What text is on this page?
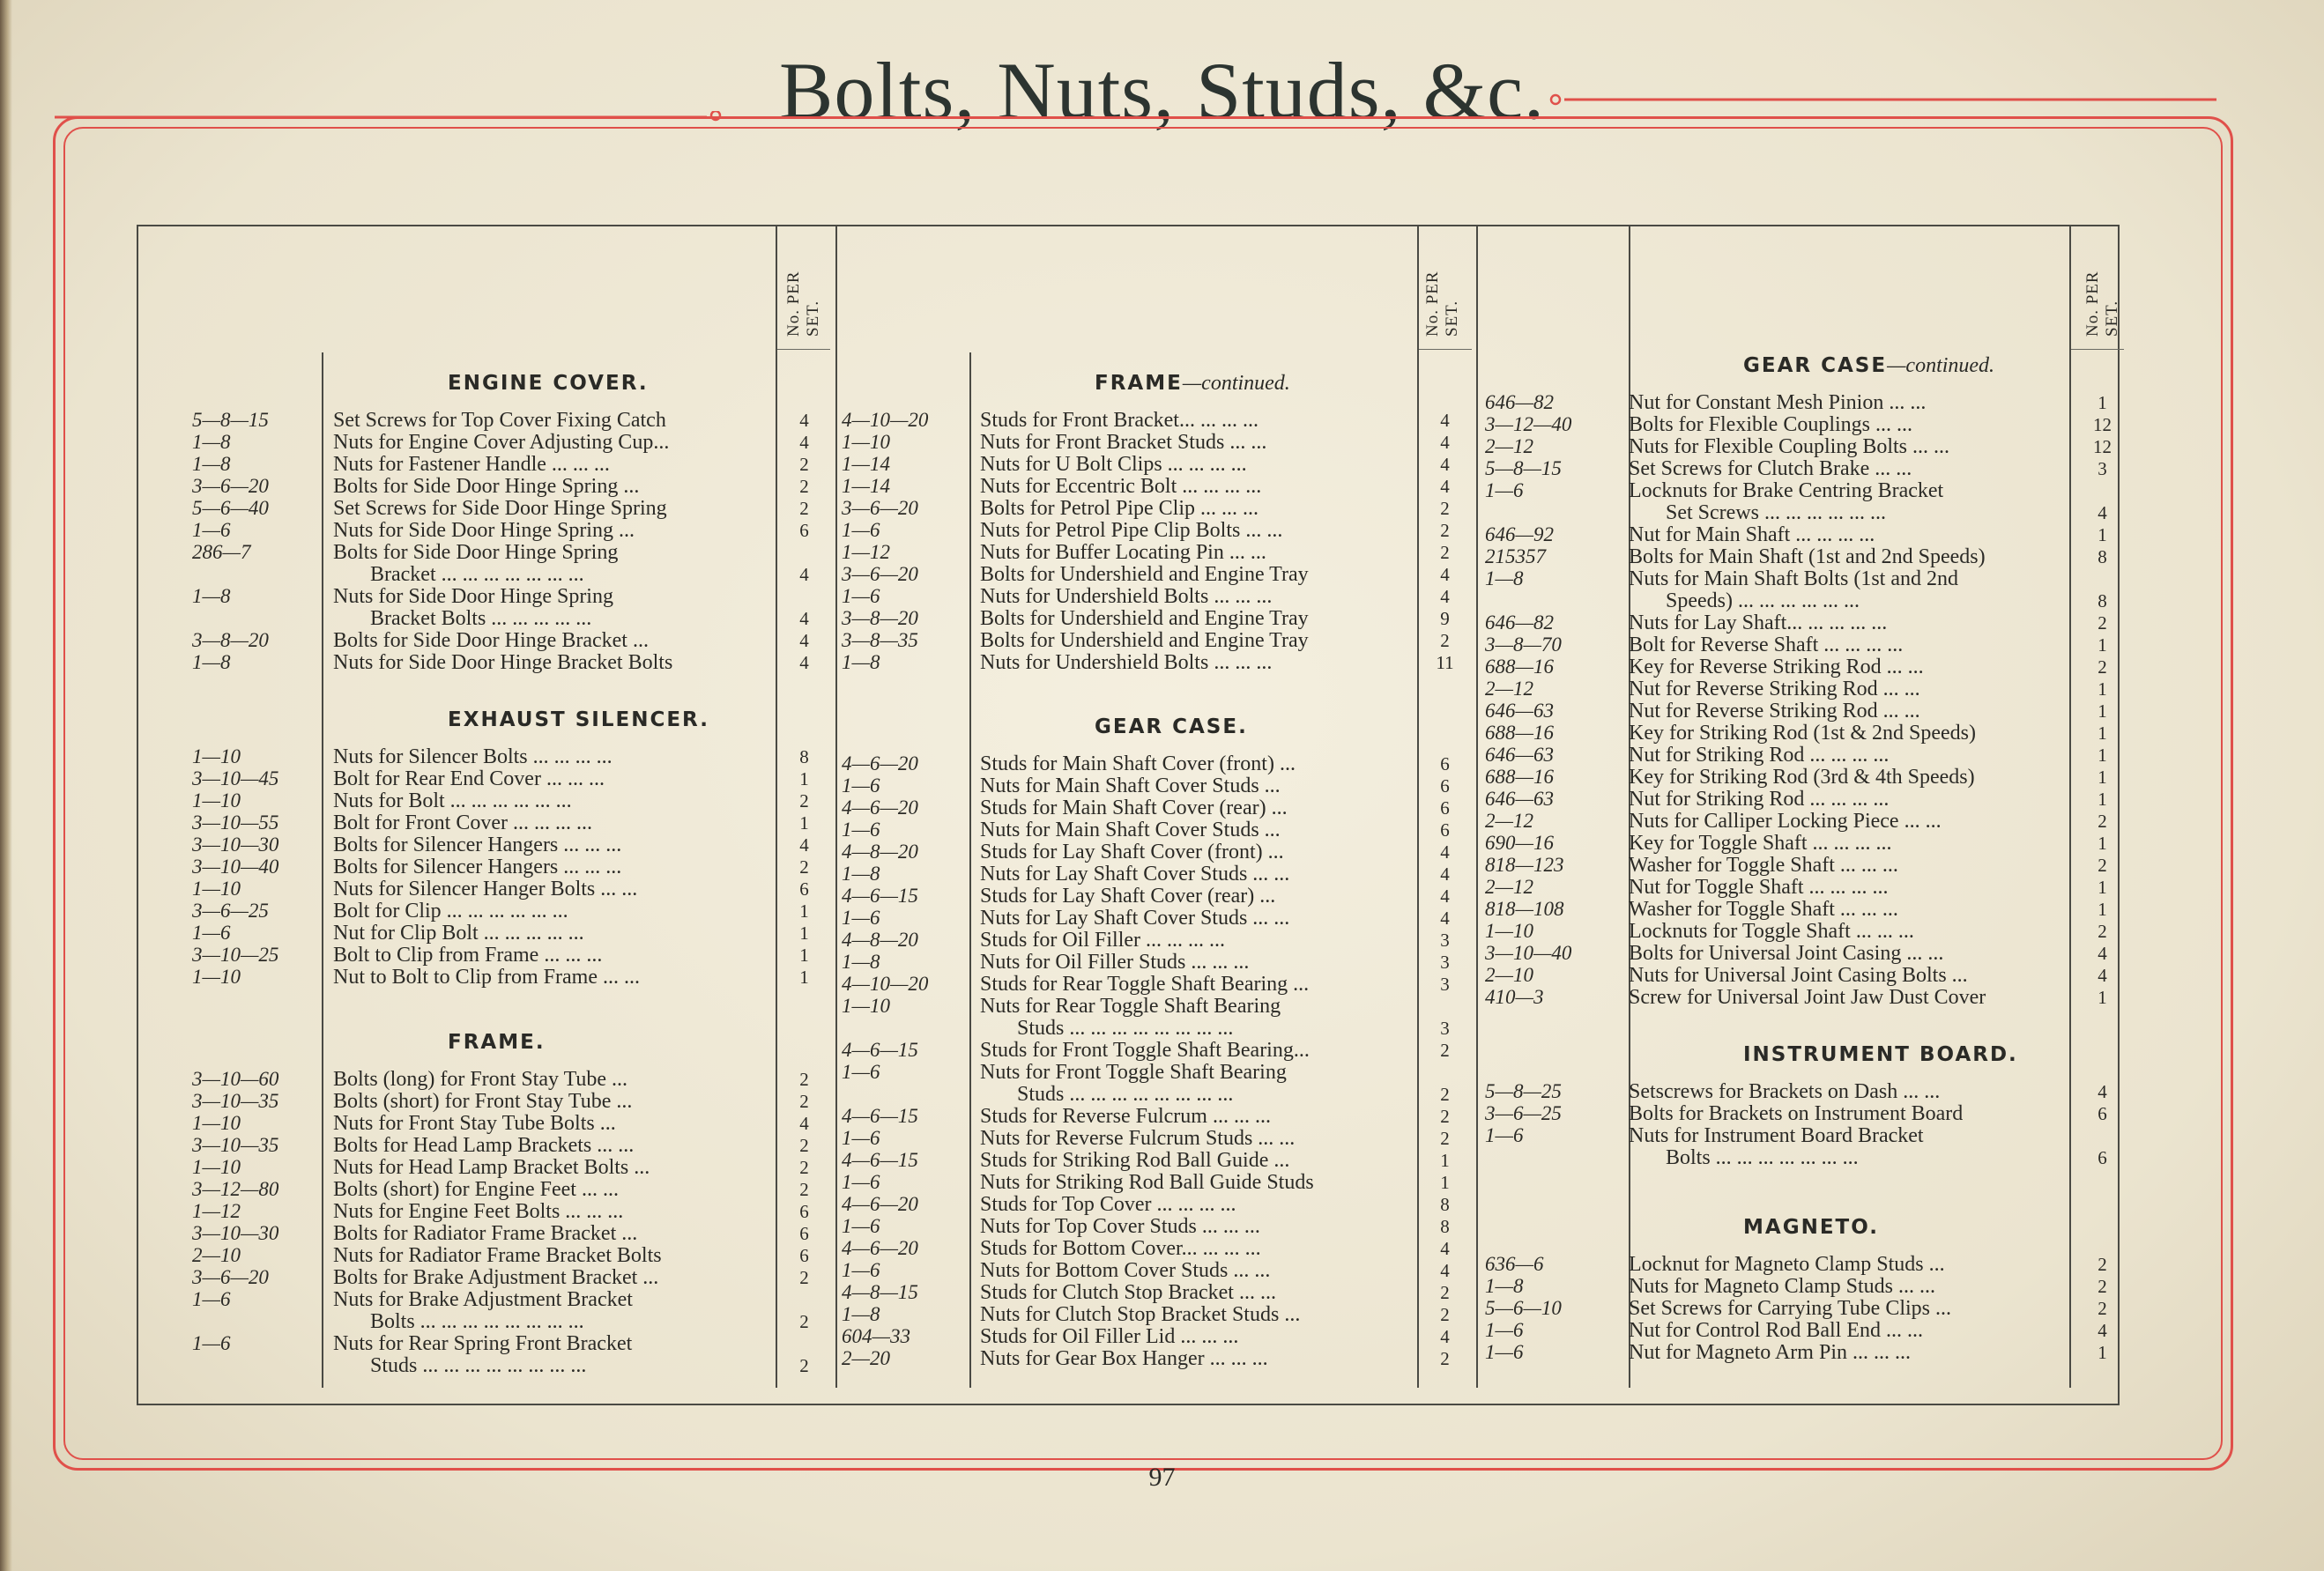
Bolts, Nuts, Studs, &c.
No. PER
SET.
ENGINE COVER.
5—8—15	Set Screws for Top Cover Fixing Catch	4
1—8	Nuts for Engine Cover Adjusting Cup...	4
1—8	Nuts for Fastener Handle ... ... ...	2
3—6—20	Bolts for Side Door Hinge Spring ...	2
5—6—40	Set Screws for Side Door Hinge Spring	2
1—6	Nuts for Side Door Hinge Spring ...	6
286—7	Bolts for Side Door Hinge Spring
Bracket ... ... ... ... ... ... ...	4
1—8	Nuts for Side Door Hinge Spring
Bracket Bolts ... ... ... ... ...	4
3—8—20	Bolts for Side Door Hinge Bracket ...	4
1—8	Nuts for Side Door Hinge Bracket Bolts	4
EXHAUST SILENCER.
1—10	Nuts for Silencer Bolts ... ... ... ...	8
3—10—45	Bolt for Rear End Cover ... ... ...	1
1—10	Nuts for Bolt ... ... ... ... ... ...	2
3—10—55	Bolt for Front Cover ... ... ... ...	1
3—10—30	Bolts for Silencer Hangers ... ... ...	4
3—10—40	Bolts for Silencer Hangers ... ... ...	2
1—10	Nuts for Silencer Hanger Bolts ... ...	6
3—6—25	Bolt for Clip ... ... ... ... ... ...	1
1—6	Nut for Clip Bolt ... ... ... ... ...	1
3—10—25	Bolt to Clip from Frame ... ... ...	1
1—10	Nut to Bolt to Clip from Frame ... ...	1
FRAME.
3—10—60	Bolts (long) for Front Stay Tube ...	2
3—10—35	Bolts (short) for Front Stay Tube ...	2
1—10	Nuts for Front Stay Tube Bolts ...	4
3—10—35	Bolts for Head Lamp Brackets ... ...	2
1—10	Nuts for Head Lamp Bracket Bolts ...	2
3—12—80	Bolts (short) for Engine Feet ... ...	2
1—12	Nuts for Engine Feet Bolts ... ... ...	6
3—10—30	Bolts for Radiator Frame Bracket ...	6
2—10	Nuts for Radiator Frame Bracket Bolts	6
3—6—20	Bolts for Brake Adjustment Bracket ...	2
1—6	Nuts for Brake Adjustment Bracket
Bolts ... ... ... ... ... ... ... ...	2
1—6	Nuts for Rear Spring Front Bracket
Studs ... ... ... ... ... ... ... ...	2
No. PER
SET.
FRAME—continued.
4—10—20 Studs for Front Bracket... ... ... ...	4
1—10	Nuts for Front Bracket Studs ... ...	4
1—14	Nuts for U Bolt Clips ... ... ... ...	4
1—14	Nuts for Eccentric Bolt ... ... ... ...	4
3—6—20	Bolts for Petrol Pipe Clip ... ... ...	2
1—6	Nuts for Petrol Pipe Clip Bolts ... ...	2
1—12	Nuts for Buffer Locating Pin ... ...	2
3—6—20	Bolts for Undershield and Engine Tray	4
1—6	Nuts for Undershield Bolts ... ... ...	4
3—8—20	Bolts for Undershield and Engine Tray	9
3—8—35	Bolts for Undershield and Engine Tray	2
1—8	Nuts for Undershield Bolts ... ... ...	11
GEAR CASE.
4—6—20	Studs for Main Shaft Cover (front) ...	6
1—6	Nuts for Main Shaft Cover Studs ...	6
4—6—20	Studs for Main Shaft Cover (rear) ...	6
1—6	Nuts for Main Shaft Cover Studs ...	6
4—8—20	Studs for Lay Shaft Cover (front) ...	4
1—8	Nuts for Lay Shaft Cover Studs ... ...	4
4—6—15	Studs for Lay Shaft Cover (rear) ...	4
1—6	Nuts for Lay Shaft Cover Studs ... ...	4
4—8—20	Studs for Oil Filler ... ... ... ...	3
1—8	Nuts for Oil Filler Studs ... ... ...	3
4—10—20 Studs for Rear Toggle Shaft Bearing ...	3
1—10	Nuts for Rear Toggle Shaft Bearing
Studs ... ... ... ... ... ... ... ...	3
4—6—15	Studs for Front Toggle Shaft Bearing...	2
1—6	Nuts for Front Toggle Shaft Bearing
Studs ... ... ... ... ... ... ... ...	2
4—6—15	Studs for Reverse Fulcrum ... ... ...	2
1—6	Nuts for Reverse Fulcrum Studs ... ...	2
4—6—15	Studs for Striking Rod Ball Guide ...	1
1—6	Nuts for Striking Rod Ball Guide Studs	1
4—6—20	Studs for Top Cover ... ... ... ...	8
1—6	Nuts for Top Cover Studs ... ... ...	8
4—6—20	Studs for Bottom Cover... ... ... ...	4
1—6	Nuts for Bottom Cover Studs ... ...	4
4—8—15	Studs for Clutch Stop Bracket ... ...	2
1—8	Nuts for Clutch Stop Bracket Studs ...	2
604—33	Studs for Oil Filler Lid ... ... ...	4
2—20	Nuts for Gear Box Hanger ... ... ...	2
No. PER
SET.
GEAR CASE—continued.
646—82	Nut for Constant Mesh Pinion ... ...	1
3—12—40	Bolts for Flexible Couplings ... ...	12
2—12	Nuts for Flexible Coupling Bolts ... ...	12
5—8—15	Set Screws for Clutch Brake ... ...	3
1—6	Locknuts for Brake Centring Bracket
Set Screws ... ... ... ... ... ...	4
646—92	Nut for Main Shaft ... ... ... ...	1
215357	Bolts for Main Shaft (1st and 2nd Speeds)	8
1—8	Nuts for Main Shaft Bolts (1st and 2nd
Speeds) ... ... ... ... ... ...	8
646—82	Nuts for Lay Shaft... ... ... ... ...	2
3—8—70	Bolt for Reverse Shaft ... ... ... ...	1
688—16	Key for Reverse Striking Rod ... ...	2
2—12	Nut for Reverse Striking Rod ... ...	1
646—63	Nut for Reverse Striking Rod ... ...	1
688—16	Key for Striking Rod (1st & 2nd Speeds)	1
646—63	Nut for Striking Rod ... ... ... ...	1
688—16	Key for Striking Rod (3rd & 4th Speeds)	1
646—63	Nut for Striking Rod ... ... ... ...	1
2—12	Nuts for Calliper Locking Piece ... ...	2
690—16	Key for Toggle Shaft ... ... ... ...	1
818—123	Washer for Toggle Shaft ... ... ...	2
2—12	Nut for Toggle Shaft ... ... ... ...	1
818—108	Washer for Toggle Shaft ... ... ...	1
1—10	Locknuts for Toggle Shaft ... ... ...	2
3—10—40	Bolts for Universal Joint Casing ... ...	4
2—10	Nuts for Universal Joint Casing Bolts ...	4
410—3	Screw for Universal Joint Jaw Dust Cover	1
INSTRUMENT BOARD.
5—8—25	Setscrews for Brackets on Dash ... ...	4
3—6—25	Bolts for Brackets on Instrument Board	6
1—6	Nuts for Instrument Board Bracket
Bolts ... ... ... ... ... ... ...	6
MAGNETO.
636—6	Locknut for Magneto Clamp Studs ...	2
1—8	Nuts for Magneto Clamp Studs ... ...	2
5—6—10	Set Screws for Carrying Tube Clips ...	2
1—6	Nut for Control Rod Ball End ... ...	4
1—6	Nut for Magneto Arm Pin ... ... ...	1
97
